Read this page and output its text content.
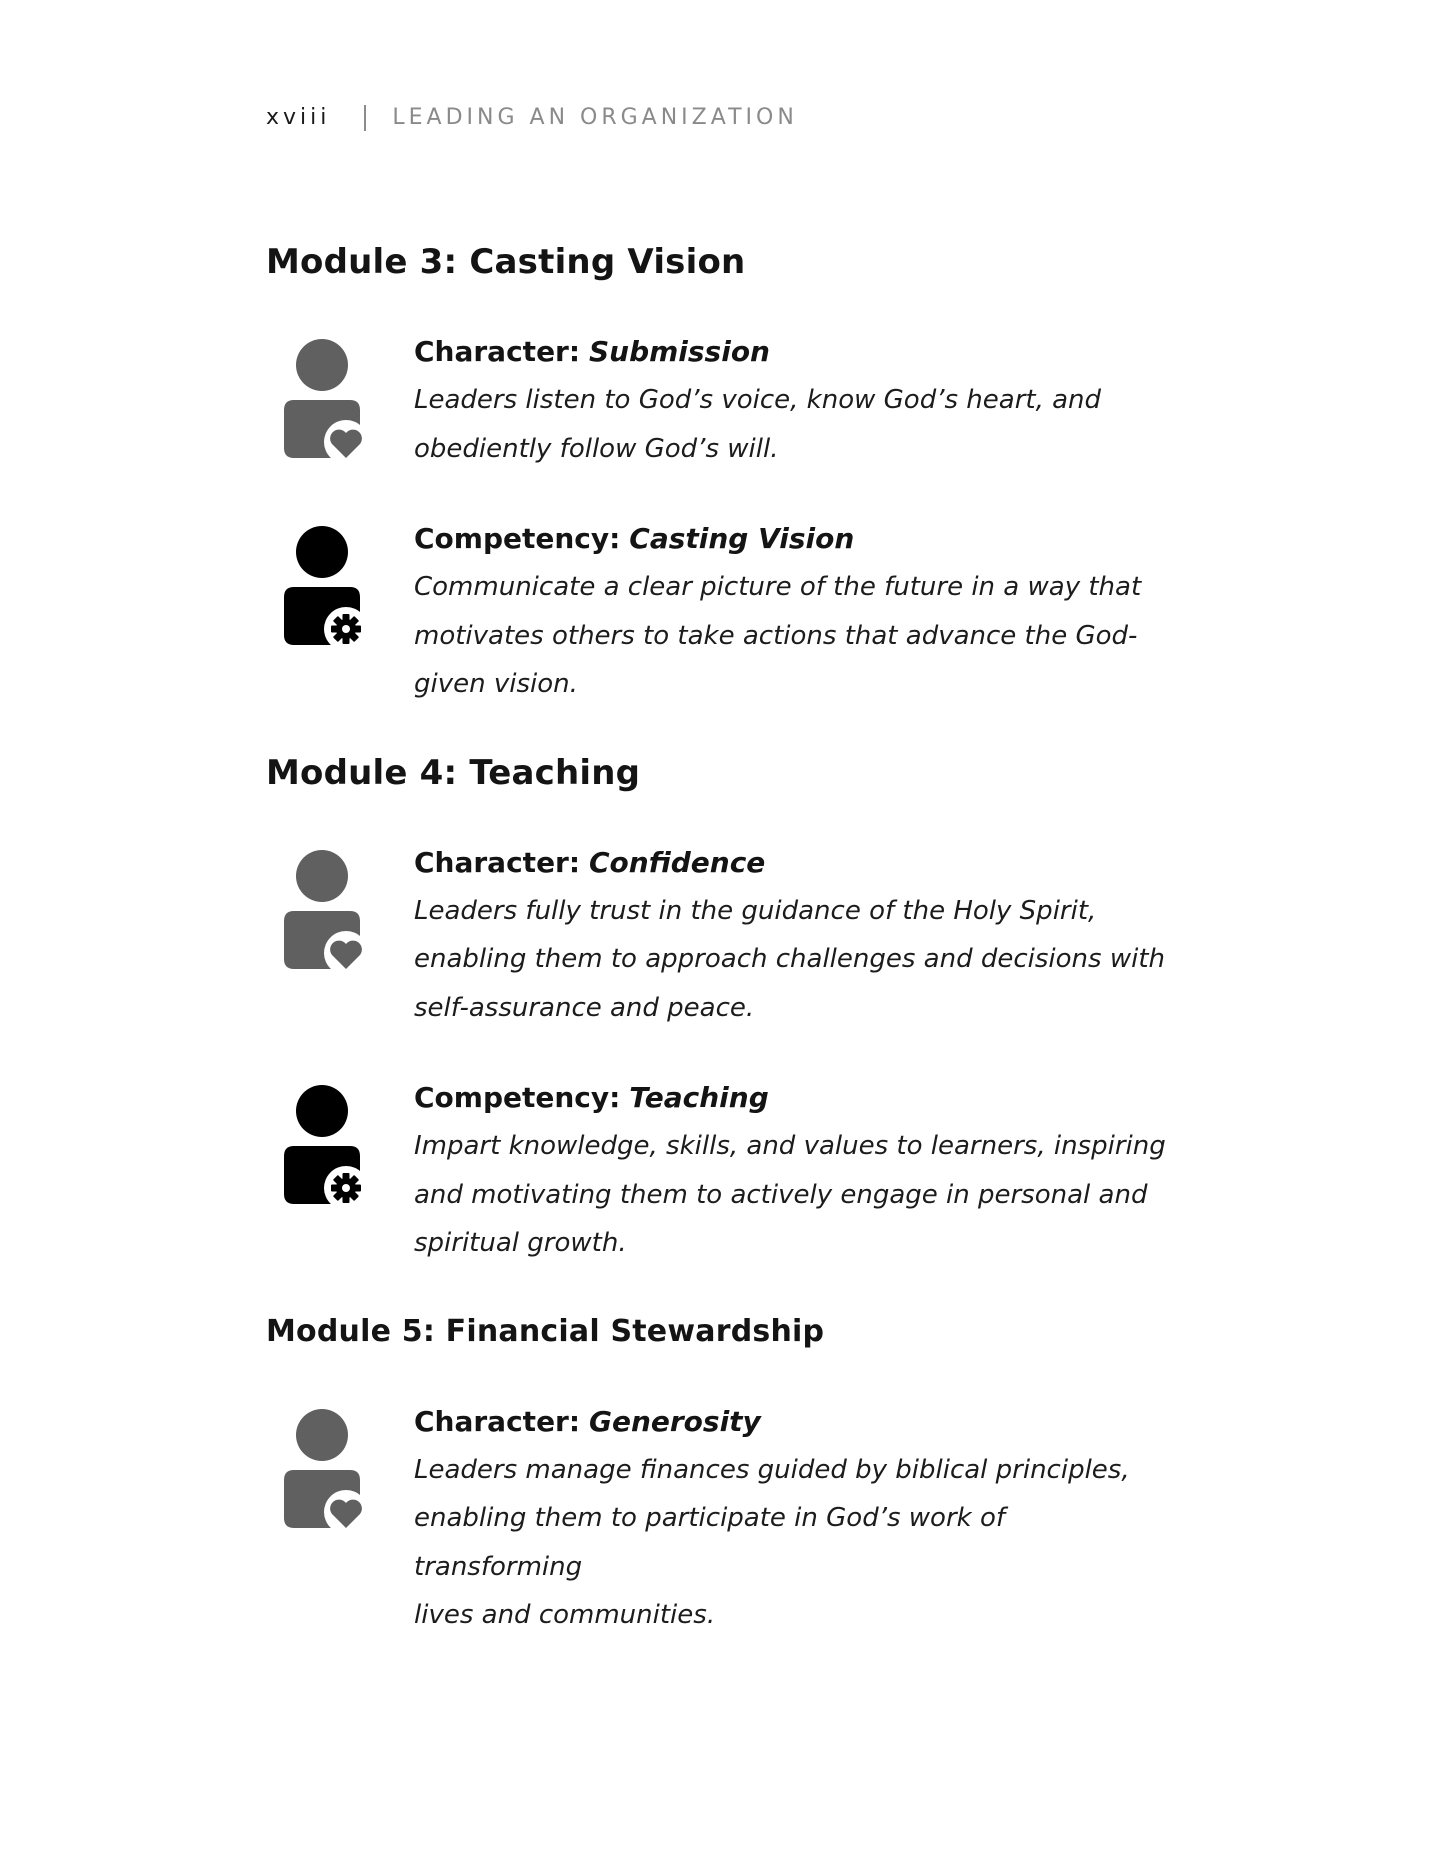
xviii	LEADING AN ORGANIZATION
Module 3: Casting Vision
Character: Submission
Leaders listen to God’s voice, know God’s heart, and
obediently follow God’s will.
Competency: Casting Vision
Communicate a clear picture of the future in a way that
motivates others to take actions that advance the God-
given vision.
Module 4: Teaching
Character: Confidence
Leaders fully trust in the guidance of the Holy Spirit,
enabling them to approach challenges and decisions with
self-assurance and peace.
Competency: Teaching
Impart knowledge, skills, and values to learners, inspiring
and motivating them to actively engage in personal and
spiritual growth.
Module 5: Financial Stewardship
Character: Generosity
Leaders manage finances guided by biblical principles,
enabling them to participate in God’s work of transforming
lives and communities.
